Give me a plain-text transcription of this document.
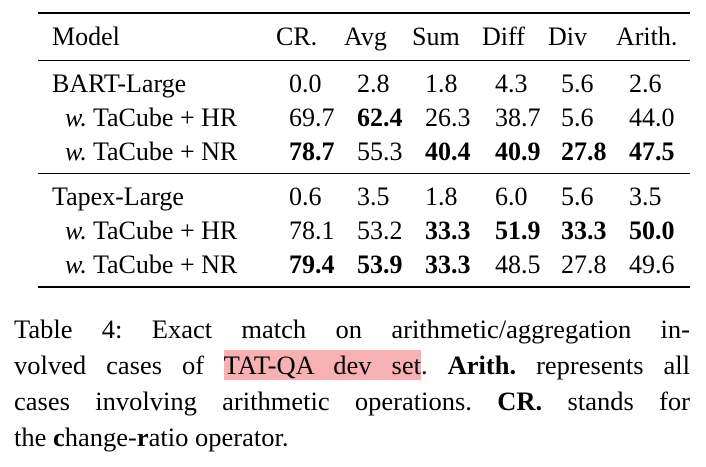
Model	CR.	Avg	Sum	Diff	Div	Arith.
BART-Large	0.0	2.8	1.8	4.3	5.6	2.6
w. TaCube + HR	69.7	62.4	26.3	38.7	5.6	44.0
w. TaCube + NR	78.7	55.3	40.4	40.9	27.8	47.5
Tapex-Large	0.6	3.5	1.8	6.0	5.6	3.5
w. TaCube + HR	78.1	53.2	33.3	51.9	33.3	50.0
w. TaCube + NR	79.4	53.9	33.3	48.5	27.8	49.6
Table 4: Exact match on arithmetic/aggregation in-
volved cases of TAT-QA dev set. Arith. represents all
cases involving arithmetic operations. CR. stands for
the change-ratio operator.
